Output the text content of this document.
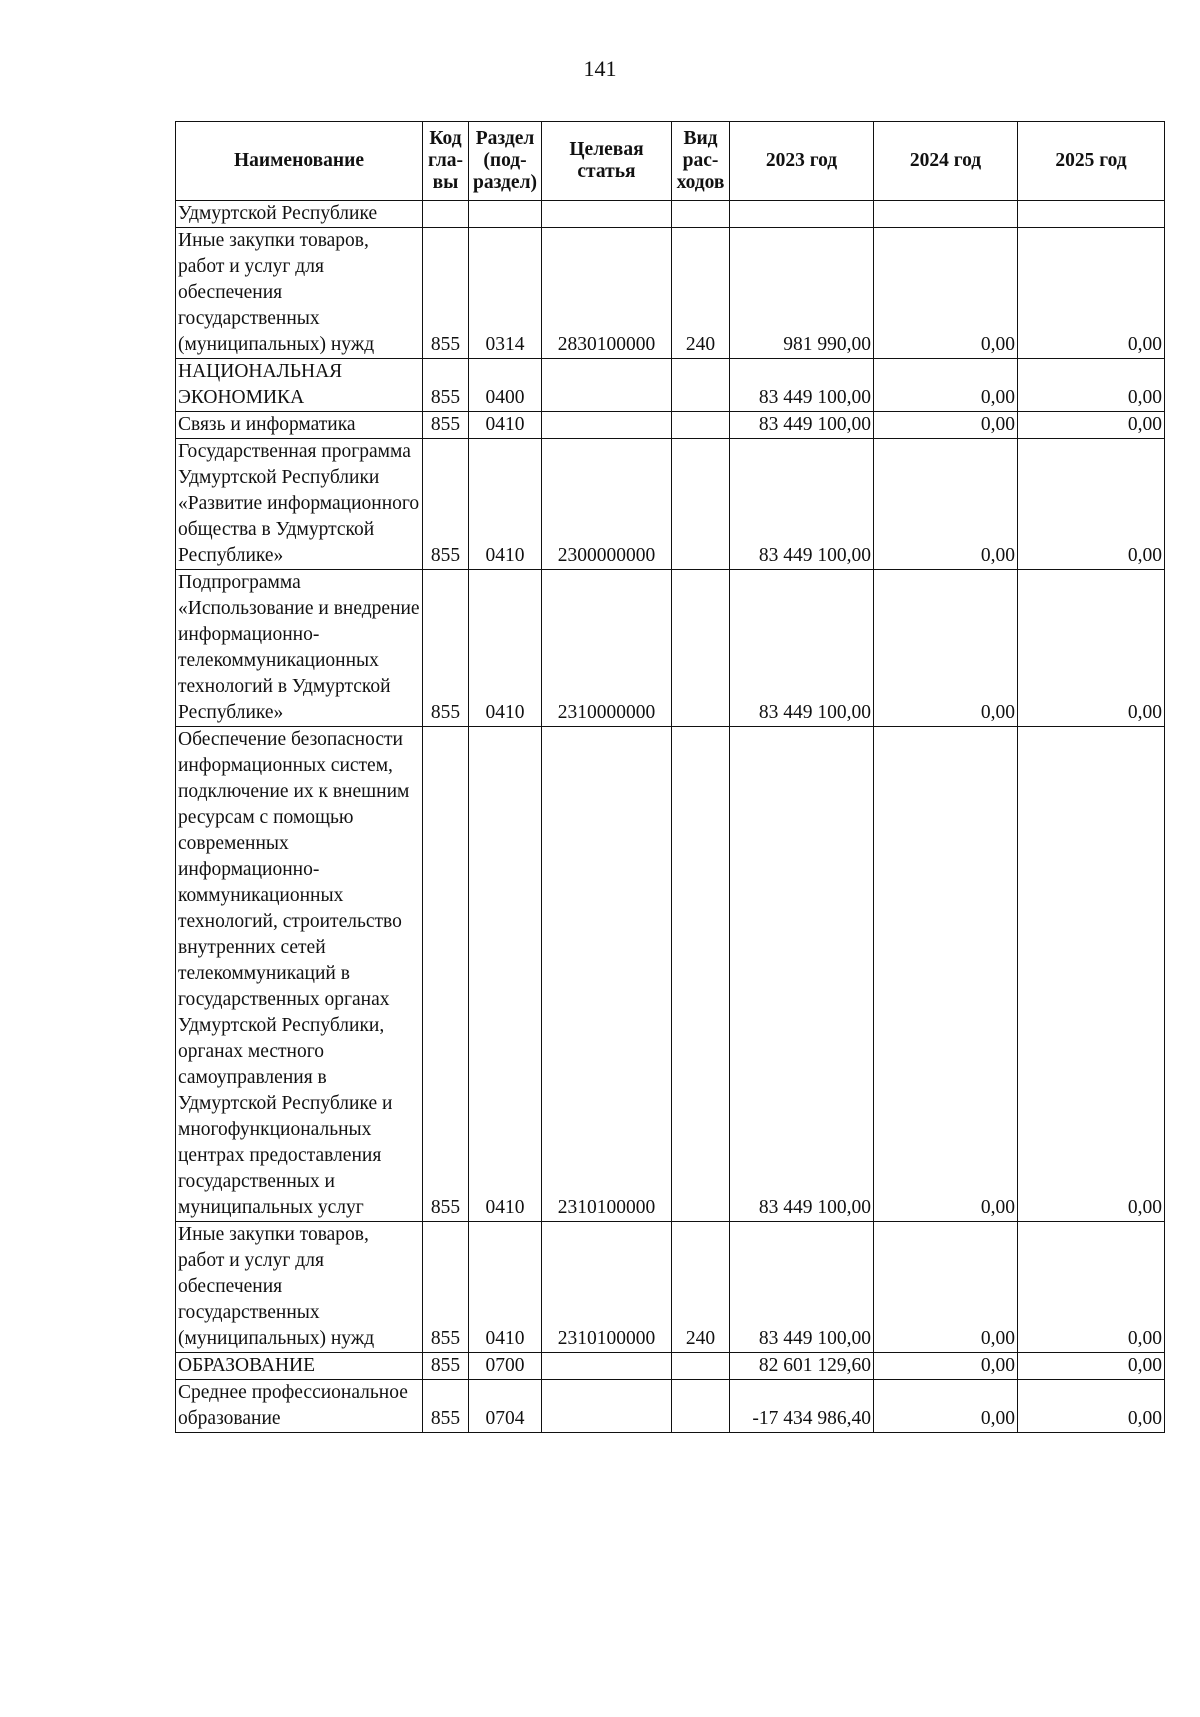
141
Наименование	Код гла-вы	Раздел (под-раздел)	Целевая статья	Вид рас-ходов	2023 год	2024 год	2025 год
Удмуртской Республике							
Иные закупки товаров, работ и услуг для обеспечения государственных (муниципальных) нужд	855	0314	2830100000	240	981 990,00	0,00	0,00
НАЦИОНАЛЬНАЯ ЭКОНОМИКА	855	0400			83 449 100,00	0,00	0,00
Связь и информатика	855	0410			83 449 100,00	0,00	0,00
Государственная программа Удмуртской Республики «Развитие информационного общества в Удмуртской Республике»	855	0410	2300000000		83 449 100,00	0,00	0,00
Подпрограмма «Использование и внедрение информационно-телекоммуникационных технологий в Удмуртской Республике»	855	0410	2310000000		83 449 100,00	0,00	0,00
Обеспечение безопасности информационных систем, подключение их к внешним ресурсам с помощью современных информационно-коммуникационных технологий, строительство внутренних сетей телекоммуникаций в государственных органах Удмуртской Республики, органах местного самоуправления в Удмуртской Республике и многофункциональных центрах предоставления государственных и муниципальных услуг	855	0410	2310100000		83 449 100,00	0,00	0,00
Иные закупки товаров, работ и услуг для обеспечения государственных (муниципальных) нужд	855	0410	2310100000	240	83 449 100,00	0,00	0,00
ОБРАЗОВАНИЕ	855	0700			82 601 129,60	0,00	0,00
Среднее профессиональное образование	855	0704			-17 434 986,40	0,00	0,00
